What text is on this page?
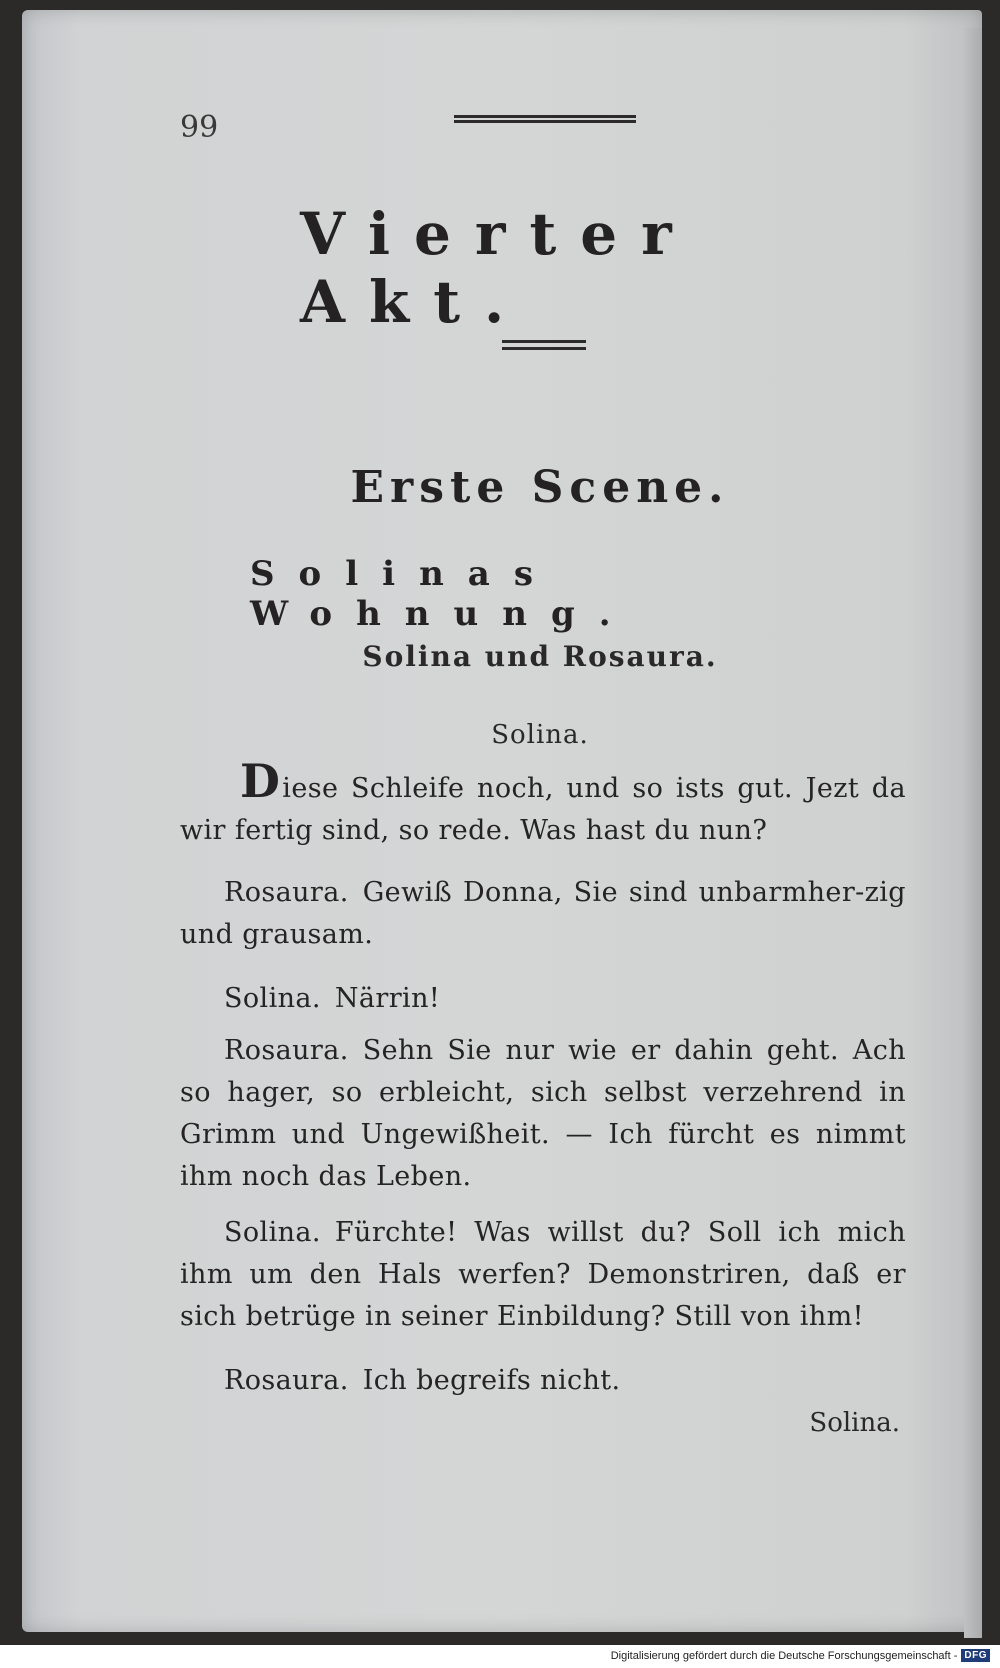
99
Vierter Akt.
Erste Scene.
Solinas Wohnung.
Solina und Rosaura.
Solina.
Diese Schleife noch, und so ists gut. Jezt da wir fertig sind, so rede. Was hast du nun?
Rosaura. Gewiß Donna, Sie sind unbarmher-zig und grausam.
Solina. Närrin!
Rosaura. Sehn Sie nur wie er dahin geht. Ach so hager, so erbleicht, sich selbst verzehrend in Grimm und Ungewißheit. — Ich fürcht es nimmt ihm noch das Leben.
Solina. Fürchte! Was willst du? Soll ich mich ihm um den Hals werfen? Demonstriren, daß er sich betrüge in seiner Einbildung? Still von ihm!
Rosaura. Ich begreifs nicht.
Solina.
Digitalisierung gefördert durch die Deutsche Forschungsgemeinschaft - DFG
